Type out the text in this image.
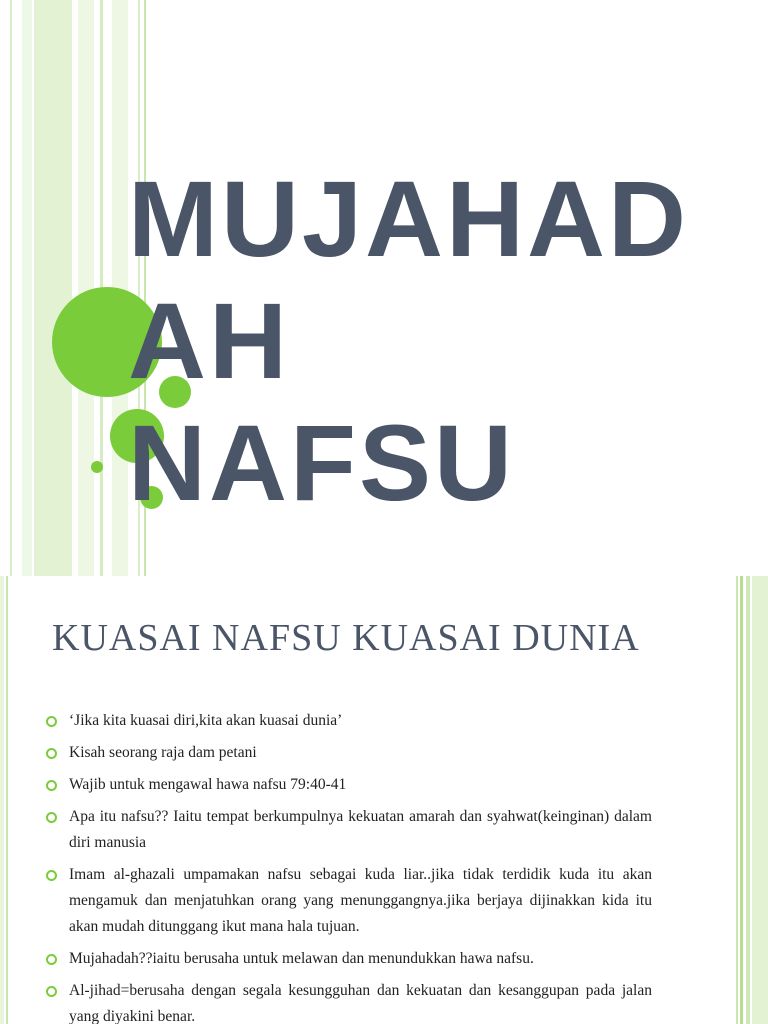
MUJAHAD
AH NAFSU
KUASAI NAFSU KUASAI DUNIA
‘Jika kita kuasai diri,kita akan kuasai dunia’
Kisah seorang raja dam petani
Wajib untuk mengawal hawa nafsu 79:40-41
Apa itu nafsu?? Iaitu tempat berkumpulnya kekuatan amarah dan syahwat(keinginan) dalam diri manusia
Imam al-ghazali umpamakan nafsu sebagai kuda liar..jika tidak terdidik kuda itu akan mengamuk dan menjatuhkan orang yang menunggangnya.jika berjaya dijinakkan kida itu akan mudah ditunggang ikut mana hala tujuan.
Mujahadah??iaitu berusaha untuk melawan dan menundukkan hawa nafsu.
Al-jihad=berusaha dengan segala kesungguhan dan kekuatan dan kesanggupan pada jalan yang diyakini benar.
